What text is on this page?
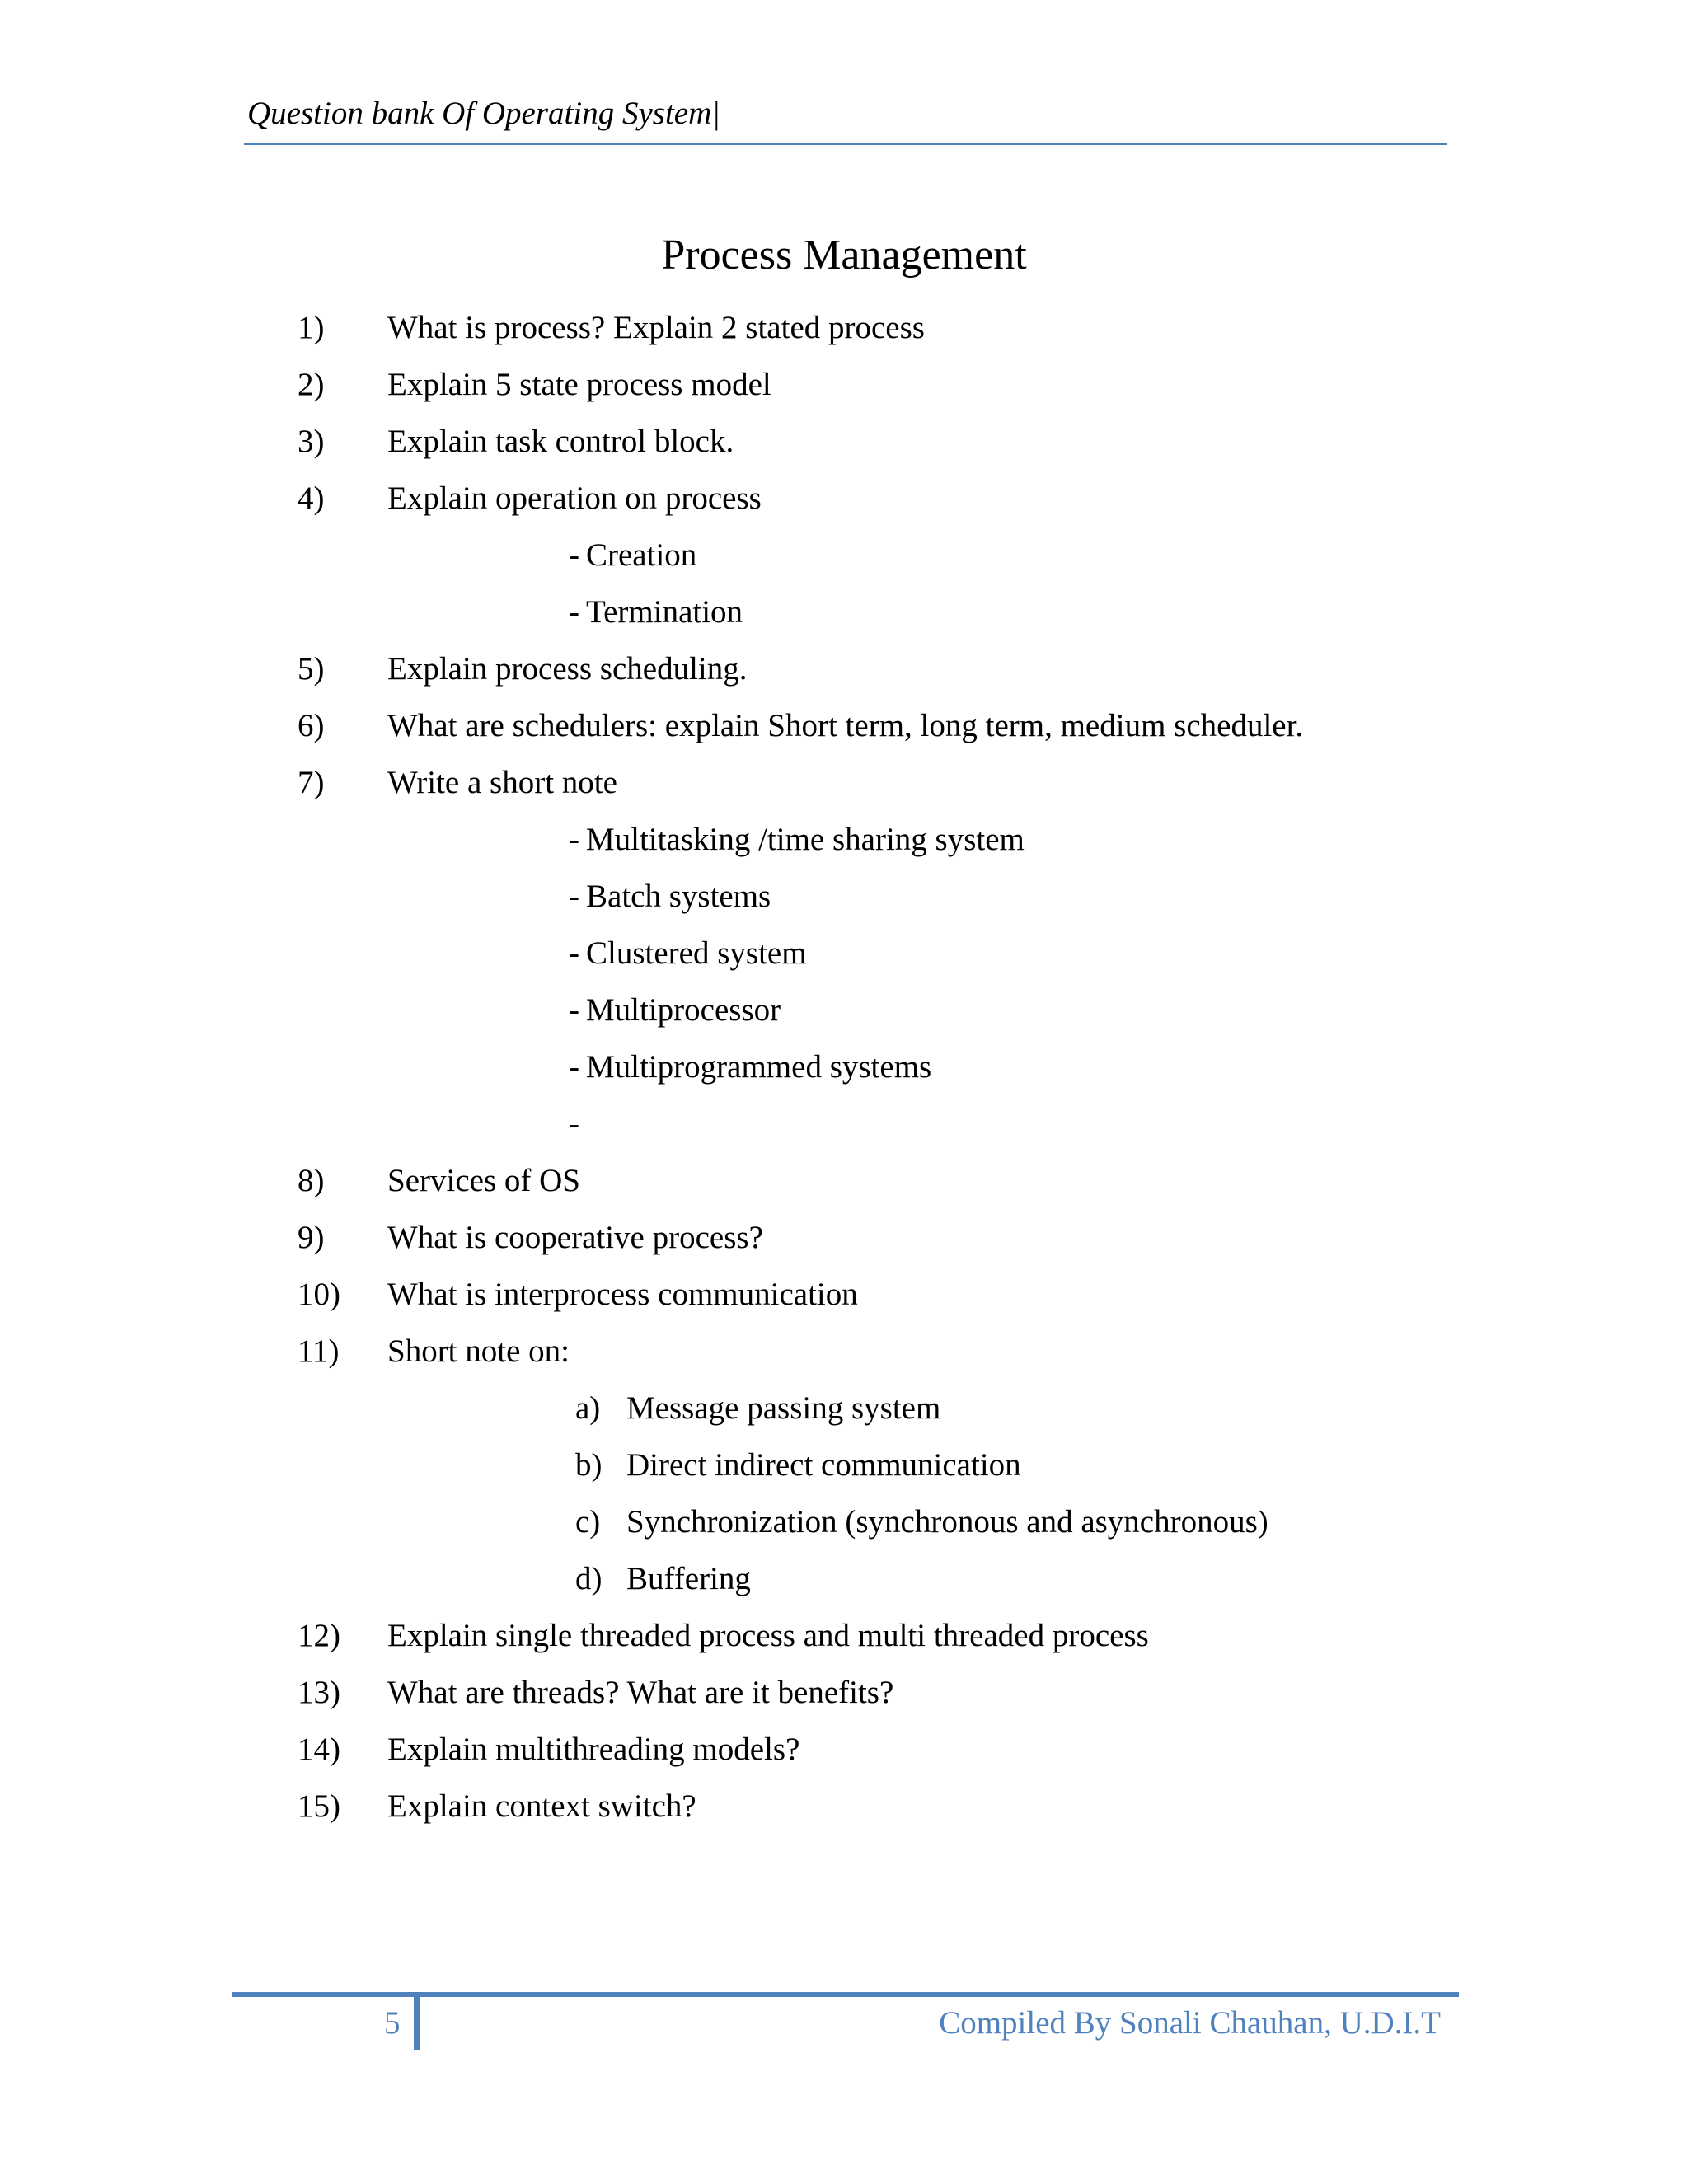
Question bank Of Operating System|
Process Management
1) What is process? Explain 2 stated process
2) Explain 5 state process model
3) Explain task control block.
4) Explain operation on process
- Creation
- Termination
5) Explain process scheduling.
6) What are schedulers: explain Short term, long term, medium scheduler.
7) Write a short note
- Multitasking /time sharing system
- Batch systems
- Clustered system
- Multiprocessor
- Multiprogrammed systems
-
8) Services of OS
9) What is cooperative process?
10) What is interprocess communication
11) Short note on:
a) Message passing system
b) Direct indirect communication
c) Synchronization (synchronous and asynchronous)
d) Buffering
12) Explain single threaded process and multi threaded process
13) What are threads? What are it benefits?
14) Explain multithreading models?
15) Explain context switch?
5	Compiled By Sonali Chauhan, U.D.I.T
